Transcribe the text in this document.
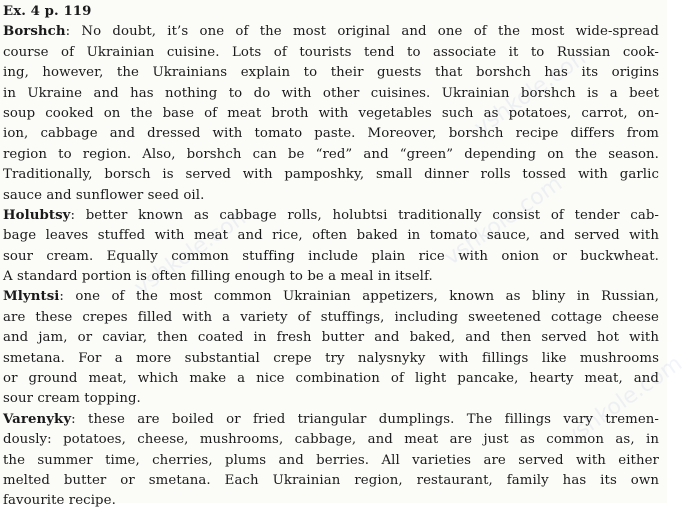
vshkole.com
vshkole.com
vshkole.com
vshkole.com
Ex. 4 p. 119
Borshch: No doubt, it’s one of the most original and one of the most wide-spread
course of Ukrainian cuisine. Lots of tourists tend to associate it to Russian cook-
ing, however, the Ukrainians explain to their guests that borshch has its origins
in Ukraine and has nothing to do with other cuisines. Ukrainian borshch is a beet
soup cooked on the base of meat broth with vegetables such as potatoes, carrot, on-
ion, cabbage and dressed with tomato paste. Moreover, borshch recipe differs from
region to region. Also, borshch can be “red” and “green” depending on the season.
Traditionally, borsch is served with pamposhky, small dinner rolls tossed with garlic
sauce and sunflower seed oil.
Holubtsy: better known as cabbage rolls, holubtsi traditionally consist of tender cab-
bage leaves stuffed with meat and rice, often baked in tomato sauce, and served with
sour cream. Equally common stuffing include plain rice with onion or buckwheat.
A standard portion is often filling enough to be a meal in itself.
Mlyntsi: one of the most common Ukrainian appetizers, known as bliny in Russian,
are these crepes filled with a variety of stuffings, including sweetened cottage cheese
and jam, or caviar, then coated in fresh butter and baked, and then served hot with
smetana. For a more substantial crepe try nalysnyky with fillings like mushrooms
or ground meat, which make a nice combination of light pancake, hearty meat, and
sour cream topping.
Varenyky: these are boiled or fried triangular dumplings. The fillings vary tremen-
dously: potatoes, cheese, mushrooms, cabbage, and meat are just as common as, in
the summer time, cherries, plums and berries. All varieties are served with either
melted butter or smetana. Each Ukrainian region, restaurant, family has its own
favourite recipe.
